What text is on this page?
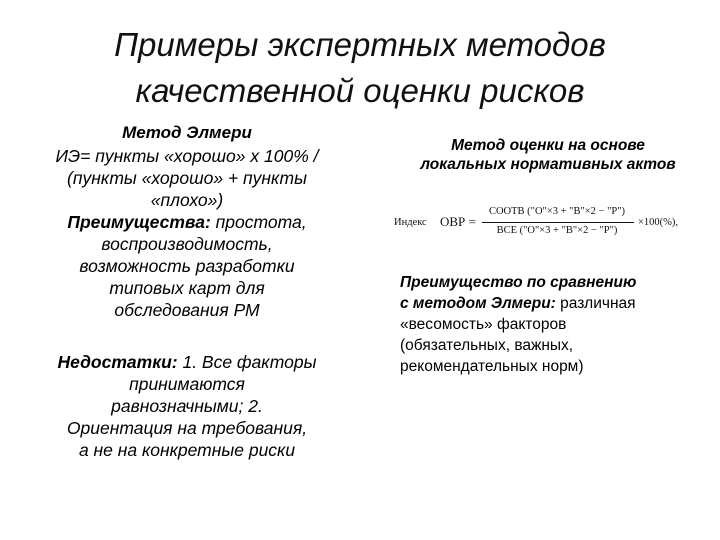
Примеры экспертных методов
качественной оценки рисков
Метод Элмери
ИЭ= пункты «хорошо» х 100% /
(пункты «хорошо» + пункты
«плохо»)
Преимущества: простота,
воспроизводимость,
возможность разработки
типовых карт для
обследования РМ
Недостатки: 1. Все факторы
принимаются
равнозначными; 2.
Ориентация на требования,
а не на конкретные риски
Метод оценки на основе
локальных нормативных актов
Индекс ОВР =
СООТВ ("О"×3 + "В"×2 − "Р")
ВСЕ ("О"×3 + "В"×2 − "Р")
×100(%),
Преимущество по сравнению
с методом Элмери: различная
«весомость» факторов
(обязательных, важных,
рекомендательных норм)
